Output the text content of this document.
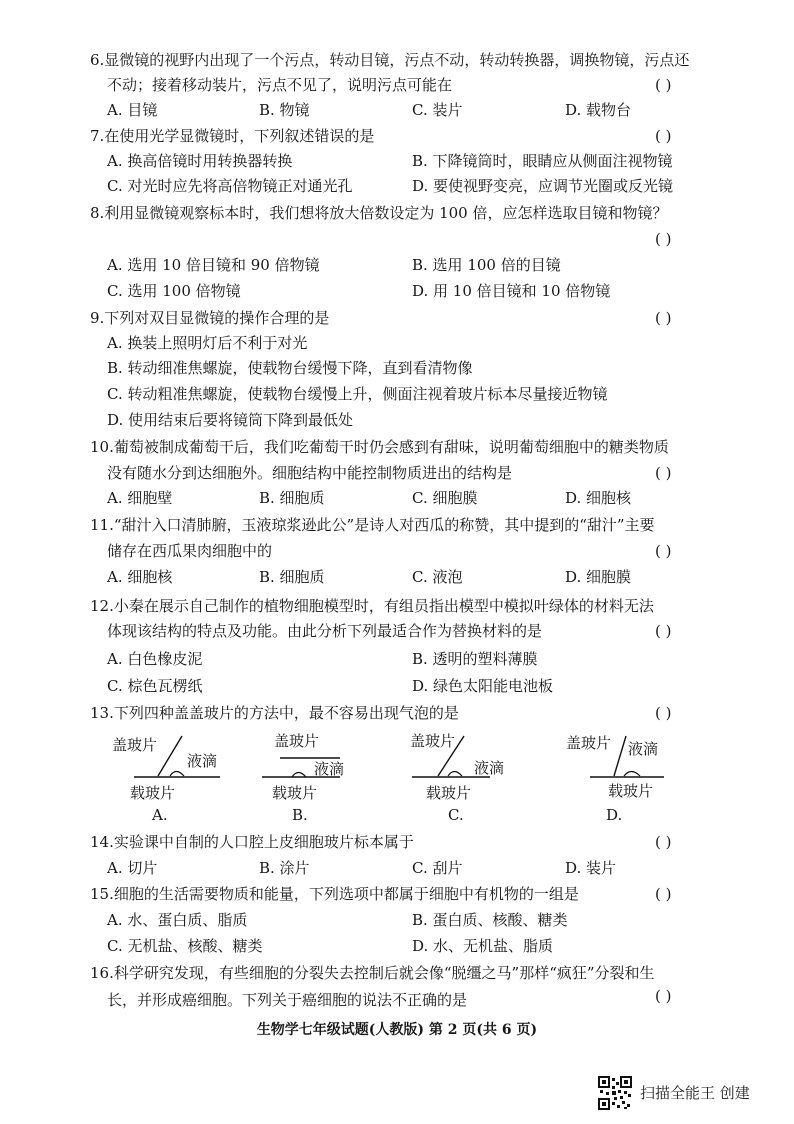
6.显微镜的视野内出现了一个污点，转动目镜，污点不动，转动转换器，调换物镜，污点还
不动；接着移动装片，污点不见了，说明污点可能在	( )
A. 目镜	B. 物镜	C. 装片	D. 载物台
7.在使用光学显微镜时，下列叙述错误的是	( )
A. 换高倍镜时用转换器转换	B. 下降镜筒时，眼睛应从侧面注视物镜
C. 对光时应先将高倍物镜正对通光孔	D. 要使视野变亮，应调节光圈或反光镜
8.利用显微镜观察标本时，我们想将放大倍数设定为 100 倍，应怎样选取目镜和物镜？
( )
A. 选用 10 倍目镜和 90 倍物镜	B. 选用 100 倍的目镜
C. 选用 100 倍物镜	D. 用 10 倍目镜和 10 倍物镜
9.下列对双目显微镜的操作合理的是	( )
A. 换装上照明灯后不利于对光
B. 转动细准焦螺旋，使载物台缓慢下降，直到看清物像
C. 转动粗准焦螺旋，使载物台缓慢上升，侧面注视着玻片标本尽量接近物镜
D. 使用结束后要将镜筒下降到最低处
10.葡萄被制成葡萄干后，我们吃葡萄干时仍会感到有甜味，说明葡萄细胞中的糖类物质
没有随水分到达细胞外。细胞结构中能控制物质进出的结构是	( )
A. 细胞壁	B. 细胞质	C. 细胞膜	D. 细胞核
11.“甜汁入口清肺腑，玉液琼浆逊此公”是诗人对西瓜的称赞，其中提到的“甜汁”主要
储存在西瓜果肉细胞中的	( )
A. 细胞核	B. 细胞质	C. 液泡	D. 细胞膜
12.小秦在展示自己制作的植物细胞模型时，有组员指出模型中模拟叶绿体的材料无法
体现该结构的特点及功能。由此分析下列最适合作为替换材料的是	( )
A. 白色橡皮泥	B. 透明的塑料薄膜
C. 棕色瓦楞纸	D. 绿色太阳能电池板
13.下列四种盖盖玻片的方法中，最不容易出现气泡的是	( )
盖玻片
液滴
载玻片
A.
盖玻片
液滴
载玻片
B.
盖玻片
液滴
载玻片
C.
盖玻片 液滴
载玻片
D.
14.实验课中自制的人口腔上皮细胞玻片标本属于	( )
A. 切片	B. 涂片	C. 刮片	D. 装片
15.细胞的生活需要物质和能量，下列选项中都属于细胞中有机物的一组是	( )
A. 水、蛋白质、脂质	B. 蛋白质、核酸、糖类
C. 无机盐、核酸、糖类	D. 水、无机盐、脂质
16.科学研究发现，有些细胞的分裂失去控制后就会像“脱缰之马”那样“疯狂”分裂和生
长，并形成癌细胞。下列关于癌细胞的说法不正确的是	( )
生物学七年级试题(人教版) 第 2 页(共 6 页)
扫描全能王 创建
